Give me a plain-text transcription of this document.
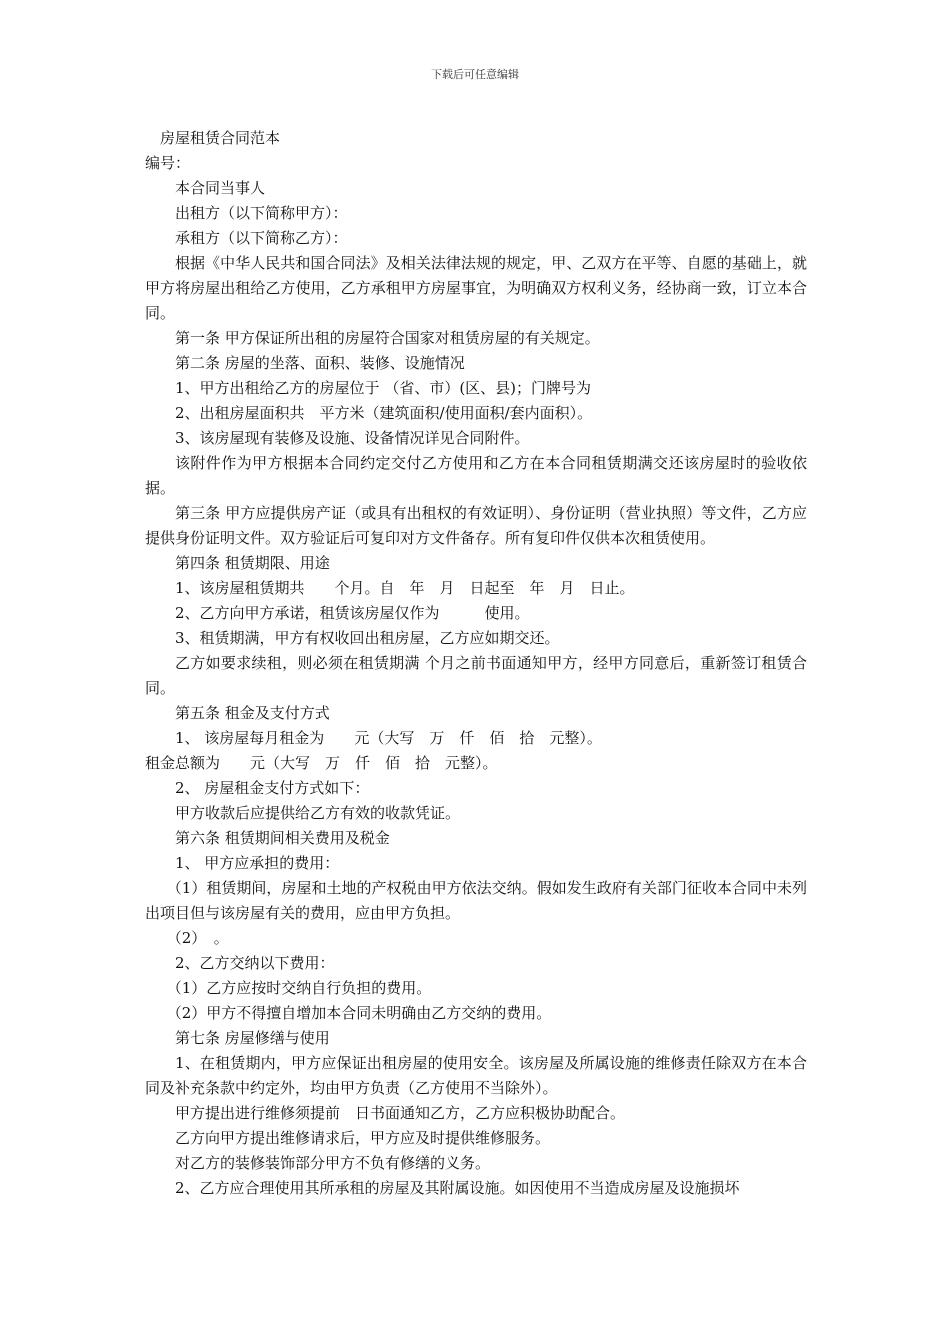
下载后可任意编辑

房屋租赁合同范本

编号：

本合同当事人

出租方（以下简称甲方）：

承租方（以下简称乙方）：

根据《中华人民共和国合同法》及相关法律法规的规定，甲、乙双方在平等、自愿的基础上，就甲方将房屋出租给乙方使用，乙方承租甲方房屋事宜，为明确双方权利义务，经协商一致，订立本合同。

第一条 甲方保证所出租的房屋符合国家对租赁房屋的有关规定。

第二条 房屋的坐落、面积、装修、设施情况

1、甲方出租给乙方的房屋位于 （省、市）(区、县)；门牌号为

2、出租房屋面积共　平方米（建筑面积/使用面积/套内面积）。

3、该房屋现有装修及设施、设备情况详见合同附件。

该附件作为甲方根据本合同约定交付乙方使用和乙方在本合同租赁期满交还该房屋时的验收依据。

第三条 甲方应提供房产证（或具有出租权的有效证明）、身份证明（营业执照）等文件，乙方应提供身份证明文件。双方验证后可复印对方文件备存。所有复印件仅供本次租赁使用。

第四条 租赁期限、用途

1、该房屋租赁期共　　个月。自　年　月　日起至　年　月　日止。

2、乙方向甲方承诺，租赁该房屋仅作为　　　使用。

3、租赁期满，甲方有权收回出租房屋，乙方应如期交还。

乙方如要求续租，则必须在租赁期满 个月之前书面通知甲方，经甲方同意后，重新签订租赁合同。

第五条 租金及支付方式

1、 该房屋每月租金为　　元（大写　万　仟　佰　拾　元整）。

租金总额为　　元（大写　万　仟　佰　拾　元整）。

2、 房屋租金支付方式如下：

甲方收款后应提供给乙方有效的收款凭证。

第六条 租赁期间相关费用及税金

1、 甲方应承担的费用：

（1）租赁期间，房屋和土地的产权税由甲方依法交纳。假如发生政府有关部门征收本合同中未列出项目但与该房屋有关的费用，应由甲方负担。

（2）　。

2、乙方交纳以下费用：

（1）乙方应按时交纳自行负担的费用。

（2）甲方不得擅自增加本合同未明确由乙方交纳的费用。

第七条 房屋修缮与使用

1、在租赁期内，甲方应保证出租房屋的使用安全。该房屋及所属设施的维修责任除双方在本合同及补充条款中约定外，均由甲方负责（乙方使用不当除外）。

甲方提出进行维修须提前　日书面通知乙方，乙方应积极协助配合。

乙方向甲方提出维修请求后，甲方应及时提供维修服务。

对乙方的装修装饰部分甲方不负有修缮的义务。

2、乙方应合理使用其所承租的房屋及其附属设施。如因使用不当造成房屋及设施损坏
